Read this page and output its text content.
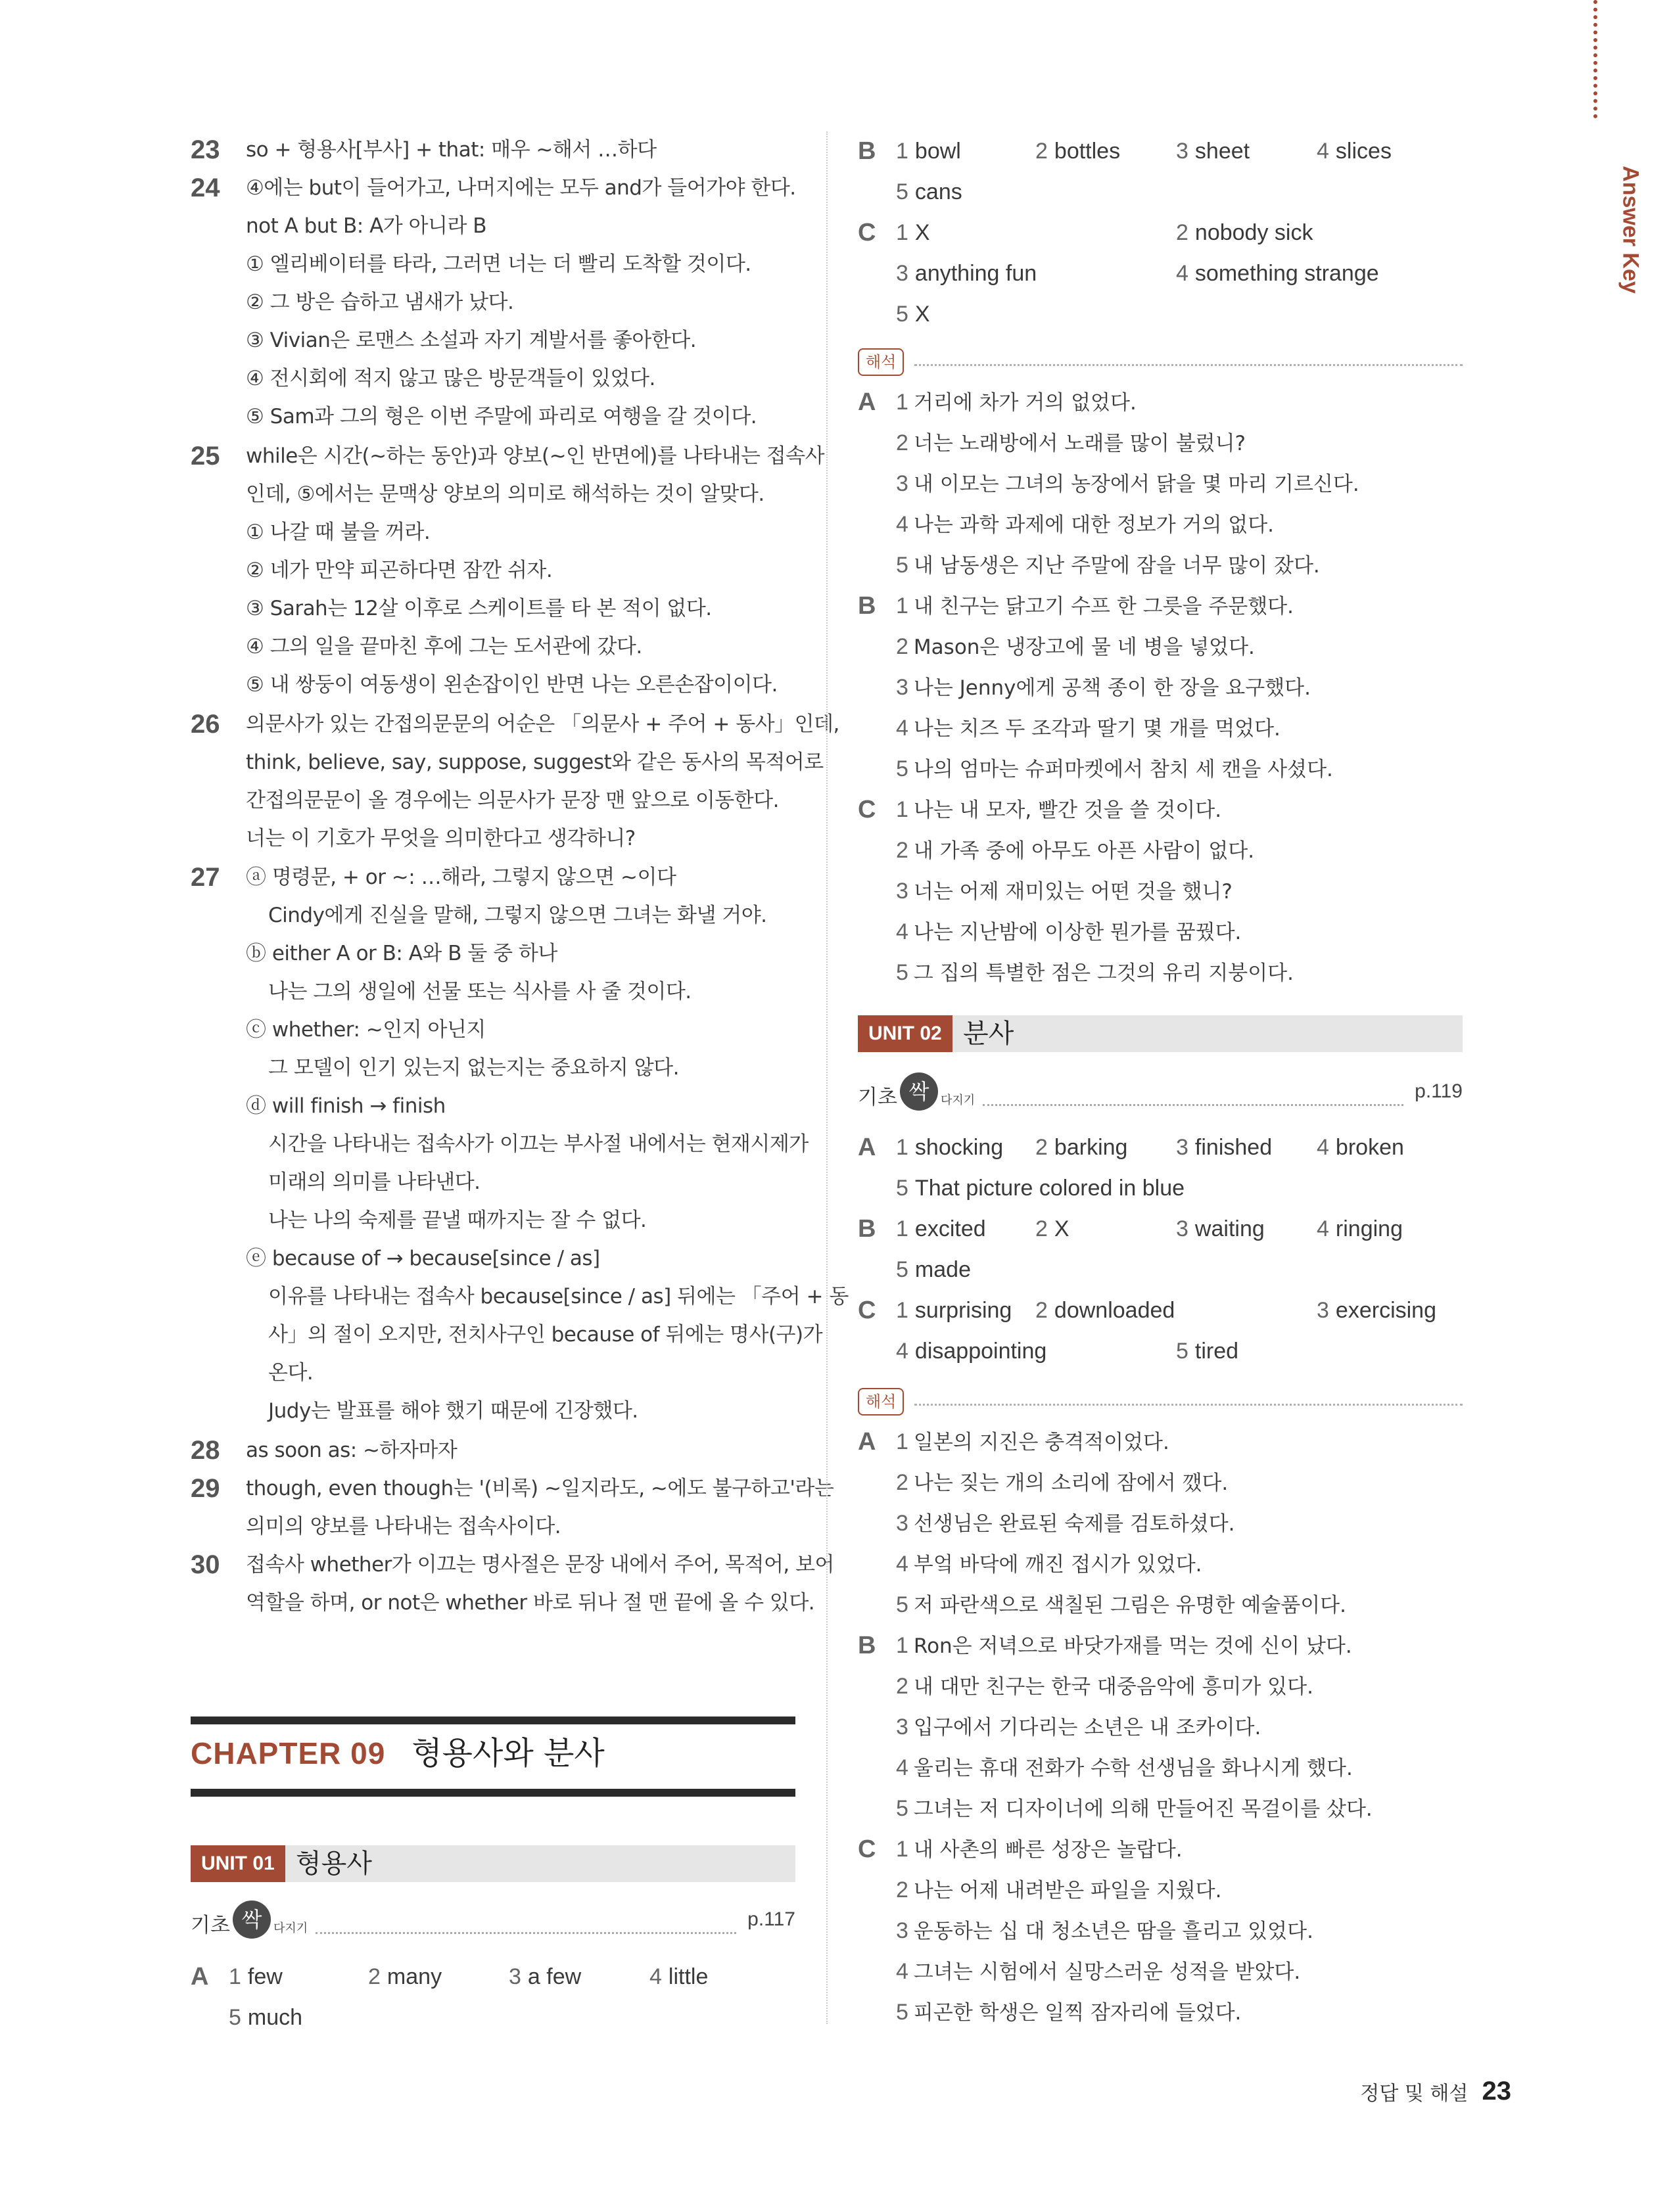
23	so + 형용사[부사] + that: 매우 ~해서 …하다
24	④에는 but이 들어가고, 나머지에는 모두 and가 들어가야 한다.
not A but B: A가 아니라 B
① 엘리베이터를 타라, 그러면 너는 더 빨리 도착할 것이다.
② 그 방은 습하고 냄새가 났다.
③ Vivian은 로맨스 소설과 자기 계발서를 좋아한다.
④ 전시회에 적지 않고 많은 방문객들이 있었다.
⑤ Sam과 그의 형은 이번 주말에 파리로 여행을 갈 것이다.
25	while은 시간(~하는 동안)과 양보(~인 반면에)를 나타내는 접속사
인데, ⑤에서는 문맥상 양보의 의미로 해석하는 것이 알맞다.
① 나갈 때 불을 꺼라.
② 네가 만약 피곤하다면 잠깐 쉬자.
③ Sarah는 12살 이후로 스케이트를 타 본 적이 없다.
④ 그의 일을 끝마친 후에 그는 도서관에 갔다.
⑤ 내 쌍둥이 여동생이 왼손잡이인 반면 나는 오른손잡이이다.
26	의문사가 있는 간접의문문의 어순은 「의문사 + 주어 + 동사」인데,
think, believe, say, suppose, suggest와 같은 동사의 목적어로
간접의문문이 올 경우에는 의문사가 문장 맨 앞으로 이동한다.
너는 이 기호가 무엇을 의미한다고 생각하니?
27	ⓐ 명령문, + or ~: …해라, 그렇지 않으면 ~이다
Cindy에게 진실을 말해, 그렇지 않으면 그녀는 화낼 거야.
ⓑ either A or B: A와 B 둘 중 하나
나는 그의 생일에 선물 또는 식사를 사 줄 것이다.
ⓒ whether: ~인지 아닌지
그 모델이 인기 있는지 없는지는 중요하지 않다.
ⓓ will finish → finish
시간을 나타내는 접속사가 이끄는 부사절 내에서는 현재시제가
미래의 의미를 나타낸다.
나는 나의 숙제를 끝낼 때까지는 잘 수 없다.
ⓔ because of → because[since / as]
이유를 나타내는 접속사 because[since / as] 뒤에는 「주어 + 동
사」의 절이 오지만, 전치사구인 because of 뒤에는 명사(구)가
온다.
Judy는 발표를 해야 했기 때문에 긴장했다.
28	as soon as: ~하자마자
29	though, even though는 '(비록) ~일지라도, ~에도 불구하고'라는
의미의 양보를 나타내는 접속사이다.
30	접속사 whether가 이끄는 명사절은 문장 내에서 주어, 목적어, 보어
역할을 하며, or not은 whether 바로 뒤나 절 맨 끝에 올 수 있다.
CHAPTER 09 형용사와 분사
UNIT 01 형용사
기초 싹 다지기	p.117
A 1 few	2 many	3 a few	4 little
5 much
B 1 bowl	2 bottles 3 sheet	4 slices
5 cans
C 1 X	2 nobody sick
3 anything fun	4 something strange
5 X
해석
A 1 거리에 차가 거의 없었다.
2 너는 노래방에서 노래를 많이 불렀니?
3 내 이모는 그녀의 농장에서 닭을 몇 마리 기르신다.
4 나는 과학 과제에 대한 정보가 거의 없다.
5 내 남동생은 지난 주말에 잠을 너무 많이 잤다.
B 1 내 친구는 닭고기 수프 한 그릇을 주문했다.
2 Mason은 냉장고에 물 네 병을 넣었다.
3 나는 Jenny에게 공책 종이 한 장을 요구했다.
4 나는 치즈 두 조각과 딸기 몇 개를 먹었다.
5 나의 엄마는 슈퍼마켓에서 참치 세 캔을 사셨다.
C 1 나는 내 모자, 빨간 것을 쓸 것이다.
2 내 가족 중에 아무도 아픈 사람이 없다.
3 너는 어제 재미있는 어떤 것을 했니?
4 나는 지난밤에 이상한 뭔가를 꿈꿨다.
5 그 집의 특별한 점은 그것의 유리 지붕이다.
UNIT 02 분사
기초 싹 다지기	p.119
A 1 shocking 2 barking 3 finished 4 broken
5 That picture colored in blue
B 1 excited 2 X	3 waiting 4 ringing
5 made
C 1 surprising 2 downloaded	3 exercising
4 disappointing	5 tired
해석
A 1 일본의 지진은 충격적이었다.
2 나는 짖는 개의 소리에 잠에서 깼다.
3 선생님은 완료된 숙제를 검토하셨다.
4 부엌 바닥에 깨진 접시가 있었다.
5 저 파란색으로 색칠된 그림은 유명한 예술품이다.
B 1 Ron은 저녁으로 바닷가재를 먹는 것에 신이 났다.
2 내 대만 친구는 한국 대중음악에 흥미가 있다.
3 입구에서 기다리는 소년은 내 조카이다.
4 울리는 휴대 전화가 수학 선생님을 화나시게 했다.
5 그녀는 저 디자이너에 의해 만들어진 목걸이를 샀다.
C 1 내 사촌의 빠른 성장은 놀랍다.
2 나는 어제 내려받은 파일을 지웠다.
3 운동하는 십 대 청소년은 땀을 흘리고 있었다.
4 그녀는 시험에서 실망스러운 성적을 받았다.
5 피곤한 학생은 일찍 잠자리에 들었다.
Answer Key
정답 및 해설 23
